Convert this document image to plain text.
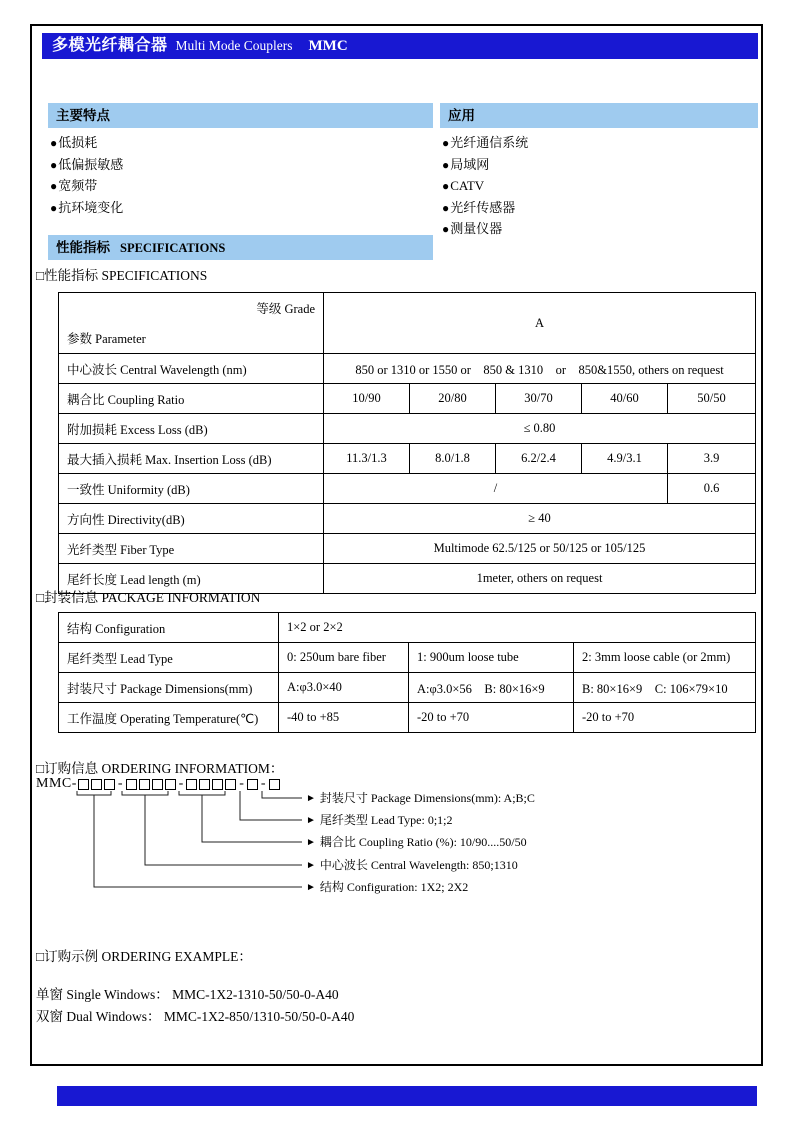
多模光纤耦合器 Multi Mode Couplers MMC
主要特点
●低损耗
●低偏振敏感
●宽频带
●抗环境变化
应用
●光纤通信系统
●局域网
●CATV
●光纤传感器
●测量仪器
性能指标 SPECIFICATIONS
□性能指标 SPECIFICATIONS
等级 Grade
参数 Parameter	A				
中心波长 Central Wavelength (nm)	850 or 1310 or 1550 or　850 & 1310　or　850&1550, others on request				
耦合比 Coupling Ratio	10/90	20/80	30/70	40/60	50/50
附加损耗 Excess Loss (dB)	≤ 0.80				
最大插入损耗 Max. Insertion Loss (dB)	11.3/1.3	8.0/1.8	6.2/2.4	4.9/3.1	3.9
一致性 Uniformity (dB)	/				0.6
方向性 Directivity(dB)	≥ 40				
光纤类型 Fiber Type	Multimode 62.5/125 or 50/125 or 105/125				
尾纤长度 Lead length (m)	1meter, others on request				
□封装信息 PACKAGE INFORMATION
结构 Configuration	1×2 or 2×2		
尾纤类型 Lead Type	0: 250um bare fiber	1: 900um loose tube	2: 3mm loose cable (or 2mm)
封装尺寸 Package Dimensions(mm)	A:φ3.0×40	A:φ3.0×56　B: 80×16×9	B: 80×16×9　C: 106×79×10
工作温度 Operating Temperature(℃)	-40 to +85	-20 to +70	-20 to +70
□订购信息 ORDERING INFORMATIOM：
MMC-	-	-	- -
► 封装尺寸 Package Dimensions(mm): A;B;C
► 尾纤类型 Lead Type: 0;1;2
► 耦合比 Coupling Ratio (%): 10/90....50/50
► 中心波长 Central Wavelength: 850;1310
► 结构 Configuration: 1X2; 2X2
□订购示例 ORDERING EXAMPLE：
单窗 Single Windows： MMC-1X2-1310-50/50-0-A40
双窗 Dual Windows： MMC-1X2-850/1310-50/50-0-A40
